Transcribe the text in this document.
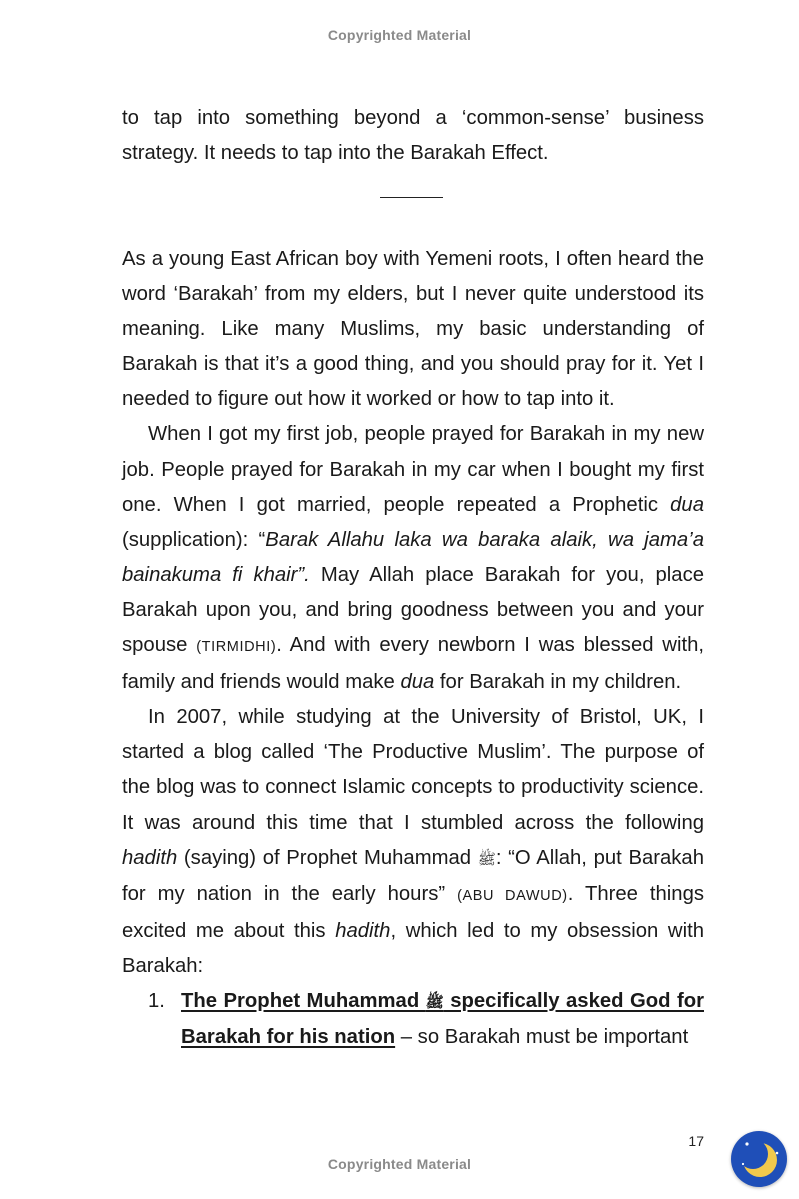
Copyrighted Material

to tap into something beyond a ‘common-sense’ business strategy. It needs to tap into the Barakah Effect.

As a young East African boy with Yemeni roots, I often heard the word ‘Barakah’ from my elders, but I never quite understood its meaning. Like many Muslims, my basic understanding of Barakah is that it’s a good thing, and you should pray for it. Yet I needed to figure out how it worked or how to tap into it.

When I got my first job, people prayed for Barakah in my new job. People prayed for Barakah in my car when I bought my first one. When I got married, people repeated a Prophetic dua (supplication): “Barak Allahu laka wa baraka alaik, wa jama’a bainakuma fi khair”. May Allah place Barakah for you, place Barakah upon you, and bring goodness between you and your spouse (TIRMIDHI). And with every newborn I was blessed with, family and friends would make dua for Barakah in my children.

In 2007, while studying at the University of Bristol, UK, I started a blog called ‘The Productive Muslim’. The purpose of the blog was to connect Islamic concepts to productivity science. It was around this time that I stumbled across the following hadith (saying) of Prophet Muhammad ﷺ: “O Allah, put Barakah for my nation in the early hours” (ABU DAWUD). Three things excited me about this hadith, which led to my obsession with Barakah:

1. The Prophet Muhammad ﷺ specifically asked God for Barakah for his nation – so Barakah must be important
17
Copyrighted Material
